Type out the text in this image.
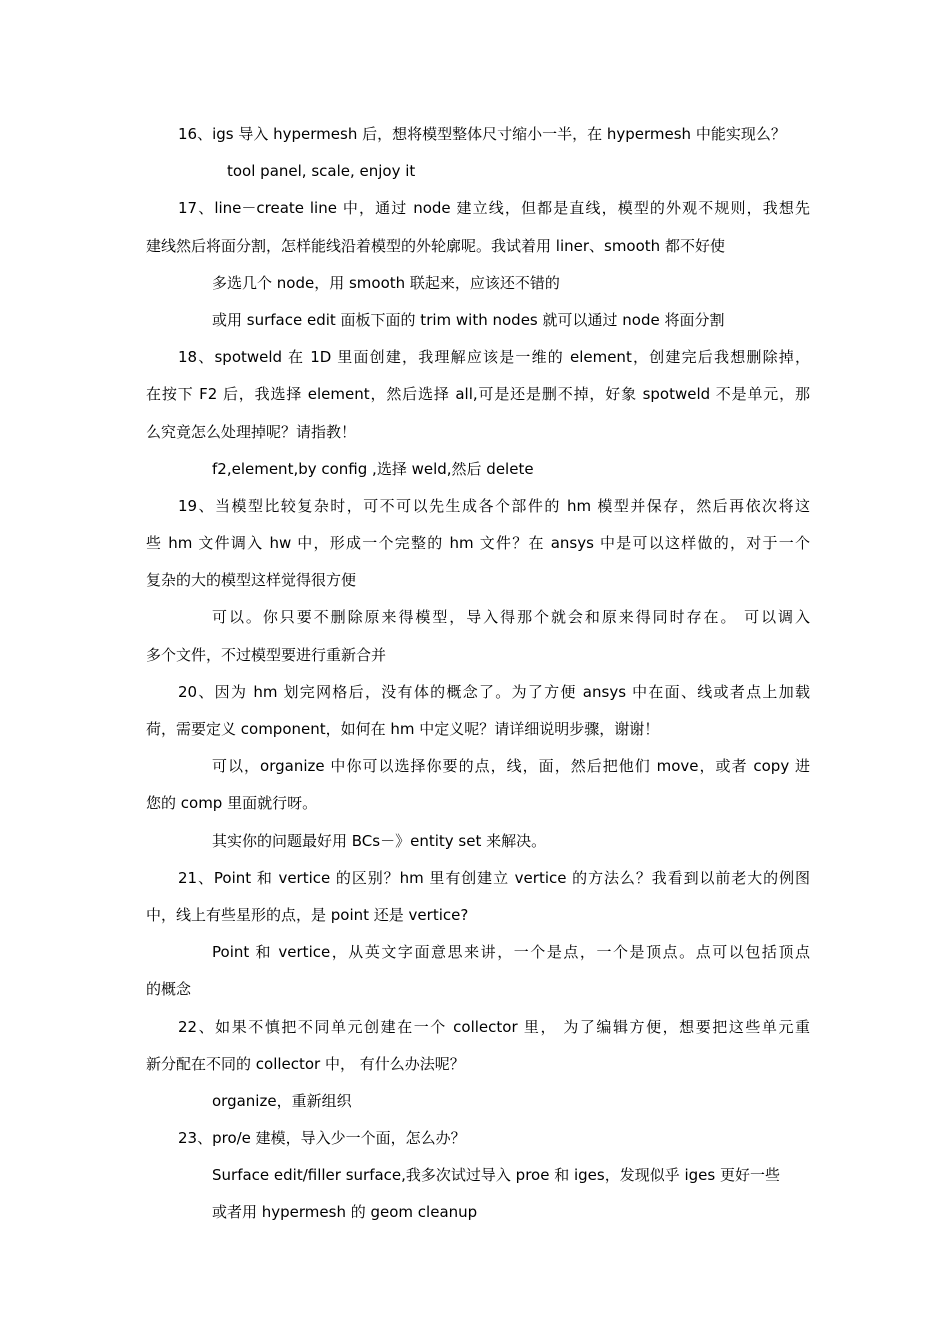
16、igs 导入 hypermesh 后，想将模型整体尺寸缩小一半，在 hypermesh 中能实现么？
tool panel, scale, enjoy it
17、line－create line 中，通过 node 建立线，但都是直线，模型的外观不规则，我想先
建线然后将面分割，怎样能线沿着模型的外轮廓呢。我试着用 liner、smooth 都不好使
多选几个 node，用 smooth 联起来，应该还不错的
或用 surface edit 面板下面的 trim with nodes 就可以通过 node 将面分割
18、spotweld 在 1D 里面创建，我理解应该是一维的 element，创建完后我想删除掉，
在按下 F2 后，我选择 element，然后选择 all,可是还是删不掉，好象 spotweld 不是单元，那
么究竟怎么处理掉呢？请指教！
f2,element,by config ,选择 weld,然后 delete
19、当模型比较复杂时，可不可以先生成各个部件的 hm 模型并保存，然后再依次将这
些 hm 文件调入 hw 中，形成一个完整的 hm 文件？在 ansys 中是可以这样做的，对于一个
复杂的大的模型这样觉得很方便
可以。你只要不删除原来得模型，导入得那个就会和原来得同时存在。 可以调入
多个文件，不过模型要进行重新合并
20、因为 hm 划完网格后，没有体的概念了。为了方便 ansys 中在面、线或者点上加载
荷，需要定义 component，如何在 hm 中定义呢？请详细说明步骤，谢谢！
可以，organize 中你可以选择你要的点，线，面，然后把他们 move，或者 copy 进
您的 comp 里面就行呀。
其实你的问题最好用 BCs－》entity set 来解决。
21、Point 和 vertice 的区别？hm 里有创建立 vertice 的方法么？我看到以前老大的例图
中，线上有些星形的点，是 point 还是 vertice?
Point 和 vertice，从英文字面意思来讲，一个是点，一个是顶点。点可以包括顶点
的概念
22、如果不慎把不同单元创建在一个 collector 里， 为了编辑方便，想要把这些单元重
新分配在不同的 collector 中， 有什么办法呢？
organize，重新组织
23、pro/e 建模，导入少一个面，怎么办？
Surface edit/filler surface,我多次试过导入 proe 和 iges，发现似乎 iges 更好一些
或者用 hypermesh 的 geom cleanup
